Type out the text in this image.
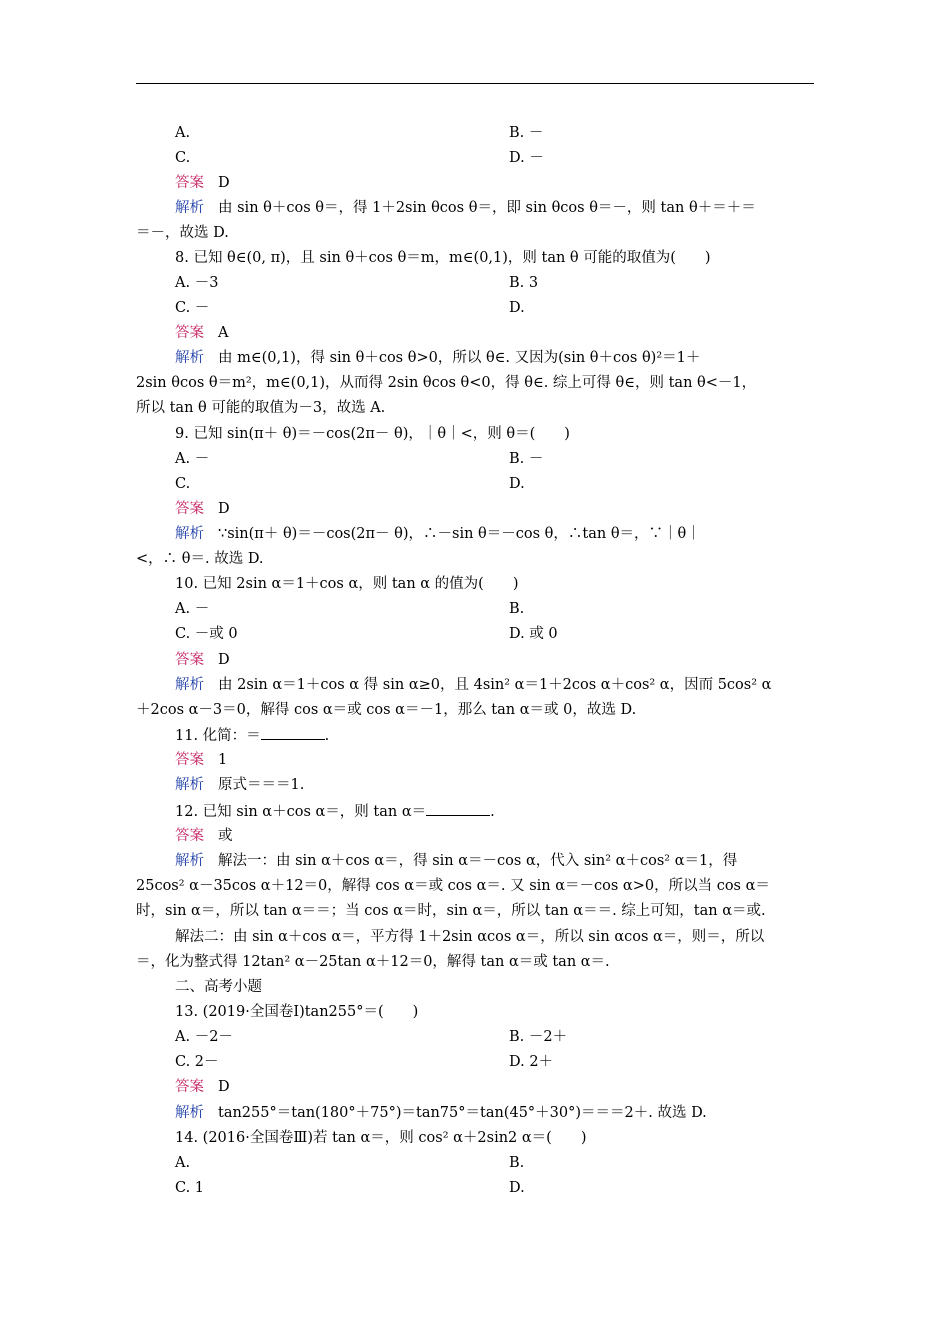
A.	B. －
C.	D. －
答案 D
解析 由 sin θ＋cos θ＝，得 1＋2sin θcos θ＝，即 sin θcos θ＝－，则 tan θ＋＝＋＝
＝－，故选 D.
8. 已知 θ∈(0, π)，且 sin θ＋cos θ＝m，m∈(0,1)，则 tan θ 可能的取值为(　　)
A. －3	B. 3
C. －	D.
答案 A
解析 由 m∈(0,1)，得 sin θ＋cos θ>0，所以 θ∈. 又因为(sin θ＋cos θ)²＝1＋
2sin θcos θ＝m²，m∈(0,1)，从而得 2sin θcos θ<0，得 θ∈. 综上可得 θ∈，则 tan θ<－1，
所以 tan θ 可能的取值为－3，故选 A.
9. 已知 sin(π＋ θ)＝－cos(2π－ θ)，｜θ｜<，则 θ＝(　　)
A. －	B. －
C.	D.
答案 D
解析 ∵sin(π＋ θ)＝－cos(2π－ θ)，∴－sin θ＝－cos θ，∴tan θ＝，∵｜θ｜
<，∴ θ＝. 故选 D.
10. 已知 2sin α＝1＋cos α，则 tan α 的值为(　　)
A. －	B.
C. －或 0	D. 或 0
答案 D
解析 由 2sin α＝1＋cos α 得 sin α≥0，且 4sin² α＝1＋2cos α＋cos² α，因而 5cos² α
＋2cos α－3＝0，解得 cos α＝或 cos α＝－1，那么 tan α＝或 0，故选 D.
11. 化简：＝	.
答案 1
解析 原式＝＝＝1.
12. 已知 sin α＋cos α＝，则 tan α＝	.
答案 或
解析 解法一：由 sin α＋cos α＝，得 sin α＝－cos α，代入 sin² α＋cos² α＝1，得
25cos² α－35cos α＋12＝0，解得 cos α＝或 cos α＝. 又 sin α＝－cos α>0，所以当 cos α＝
时，sin α＝，所以 tan α＝＝；当 cos α＝时，sin α＝，所以 tan α＝＝. 综上可知，tan α＝或.
解法二：由 sin α＋cos α＝，平方得 1＋2sin αcos α＝，所以 sin αcos α＝，则＝，所以
＝，化为整式得 12tan² α－25tan α＋12＝0，解得 tan α＝或 tan α＝.
二、高考小题
13. (2019·全国卷Ⅰ)tan255°＝(　　)
A. －2－	B. －2＋
C. 2－	D. 2＋
答案 D
解析 tan255°＝tan(180°＋75°)＝tan75°＝tan(45°＋30°)＝＝＝2＋. 故选 D.
14. (2016·全国卷Ⅲ)若 tan α＝，则 cos² α＋2sin2 α＝(　　)
A.	B.
C. 1	D.
